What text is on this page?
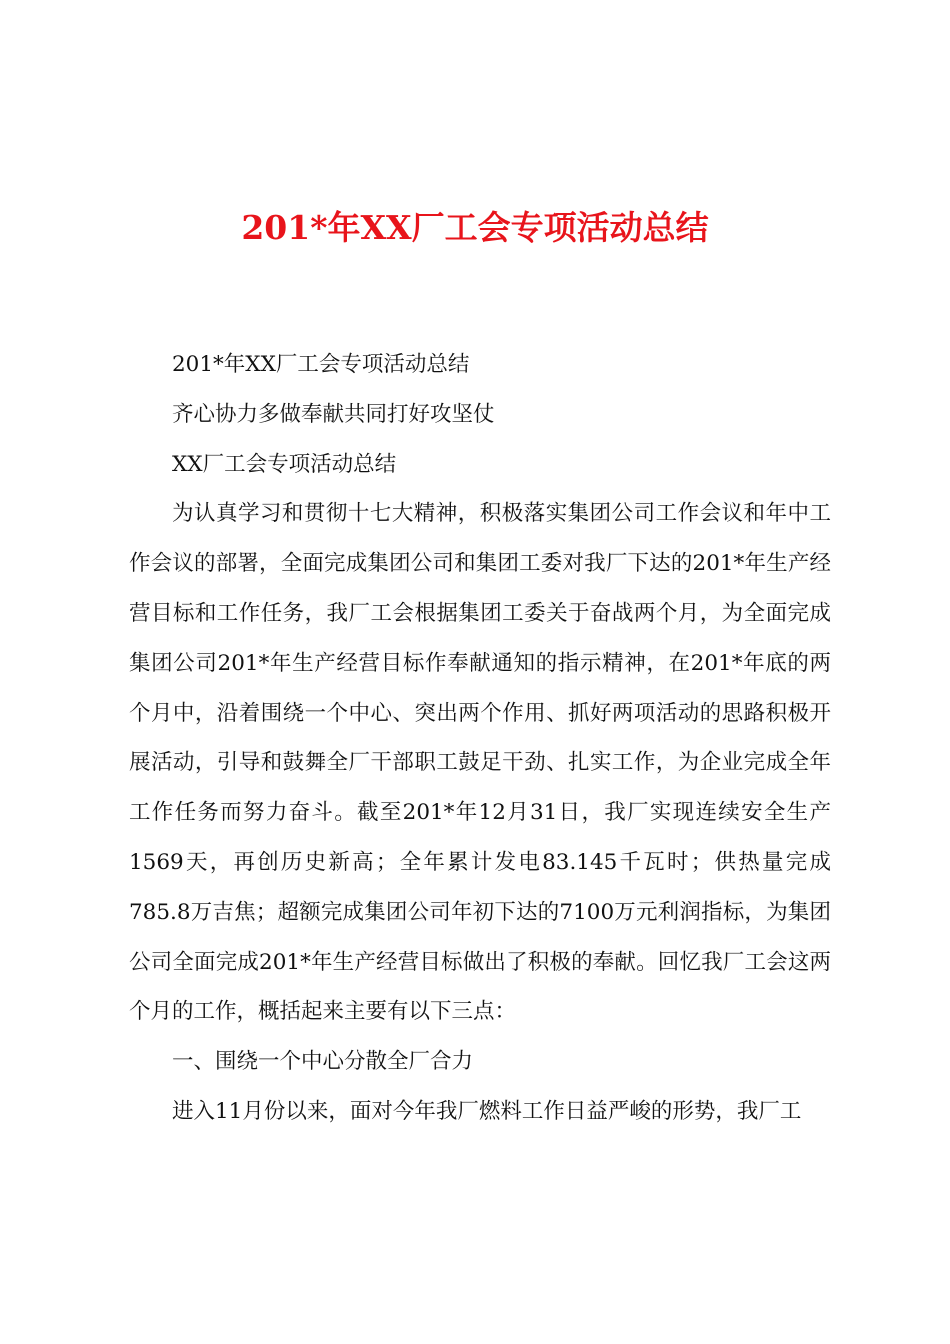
201*年XX厂工会专项活动总结

201*年XX厂工会专项活动总结

齐心协力多做奉献共同打好攻坚仗

XX厂工会专项活动总结

为认真学习和贯彻十七大精神，积极落实集团公司工作会议和年中工作会议的部署，全面完成集团公司和集团工委对我厂下达的201*年生产经营目标和工作任务，我厂工会根据集团工委关于奋战两个月，为全面完成集团公司201*年生产经营目标作奉献通知的指示精神，在201*年底的两个月中，沿着围绕一个中心、突出两个作用、抓好两项活动的思路积极开展活动，引导和鼓舞全厂干部职工鼓足干劲、扎实工作，为企业完成全年工作任务而努力奋斗。截至201*年12月31日，我厂实现连续安全生产1569天，再创历史新高；全年累计发电83.145千瓦时；供热量完成785.8万吉焦；超额完成集团公司年初下达的7100万元利润指标，为集团公司全面完成201*年生产经营目标做出了积极的奉献。回忆我厂工会这两个月的工作，概括起来主要有以下三点：

一、围绕一个中心分散全厂合力

进入11月份以来，面对今年我厂燃料工作日益严峻的形势，我厂工
